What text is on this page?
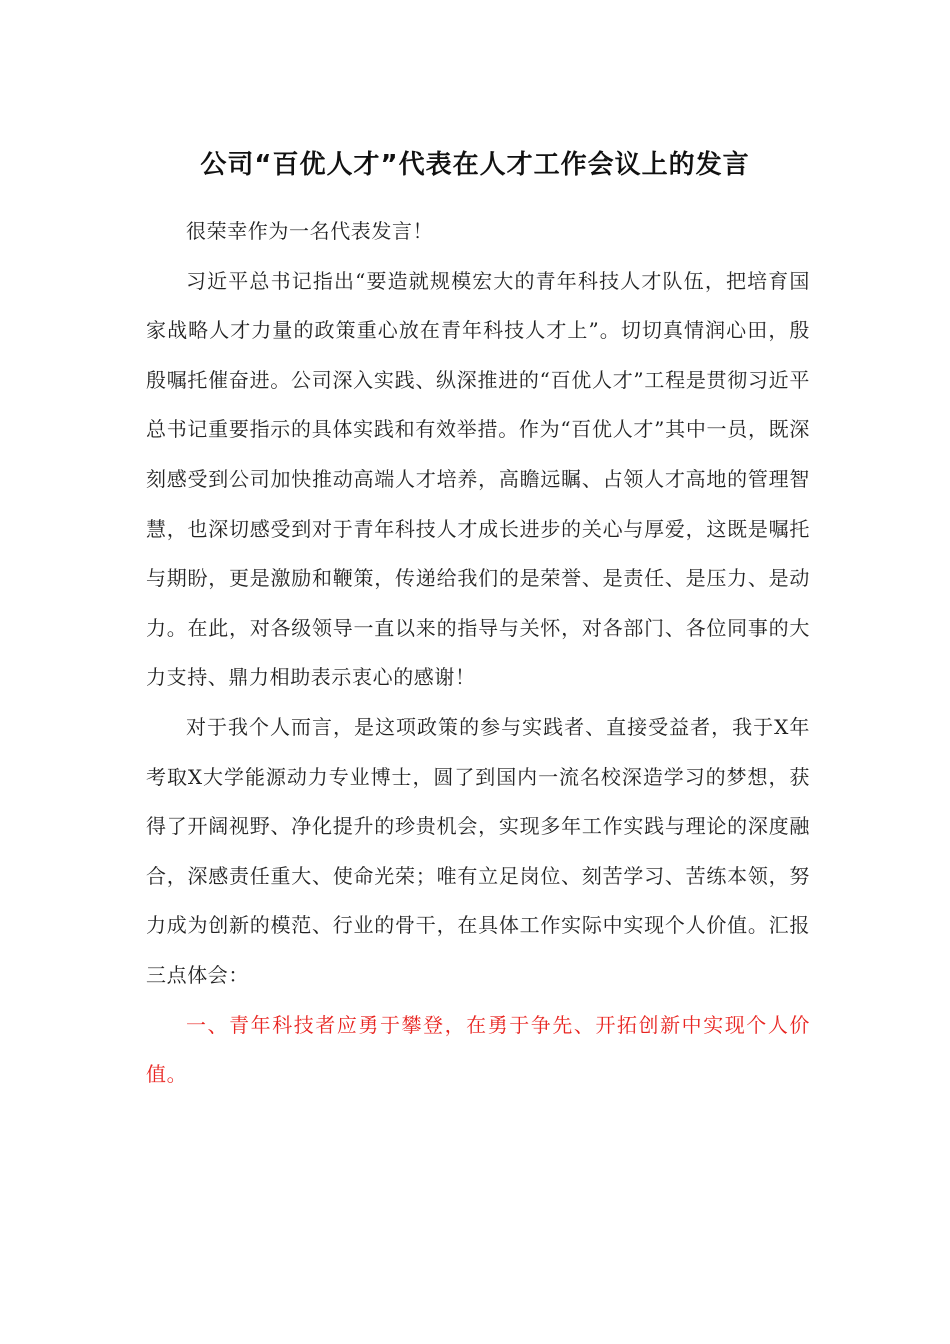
公司“百优人才”代表在人才工作会议上的发言

很荣幸作为一名代表发言！

习近平总书记指出“要造就规模宏大的青年科技人才队伍，把培育国家战略人才力量的政策重心放在青年科技人才上”。切切真情润心田，殷殷嘱托催奋进。公司深入实践、纵深推进的“百优人才”工程是贯彻习近平总书记重要指示的具体实践和有效举措。作为“百优人才”其中一员，既深刻感受到公司加快推动高端人才培养，高瞻远瞩、占领人才高地的管理智慧，也深切感受到对于青年科技人才成长进步的关心与厚爱，这既是嘱托与期盼，更是激励和鞭策，传递给我们的是荣誉、是责任、是压力、是动力。在此，对各级领导一直以来的指导与关怀，对各部门、各位同事的大力支持、鼎力相助表示衷心的感谢！

对于我个人而言，是这项政策的参与实践者、直接受益者，我于X年考取X大学能源动力专业博士，圆了到国内一流名校深造学习的梦想，获得了开阔视野、净化提升的珍贵机会，实现多年工作实践与理论的深度融合，深感责任重大、使命光荣；唯有立足岗位、刻苦学习、苦练本领，努力成为创新的模范、行业的骨干，在具体工作实际中实现个人价值。汇报三点体会：

一、青年科技者应勇于攀登，在勇于争先、开拓创新中实现个人价值。
